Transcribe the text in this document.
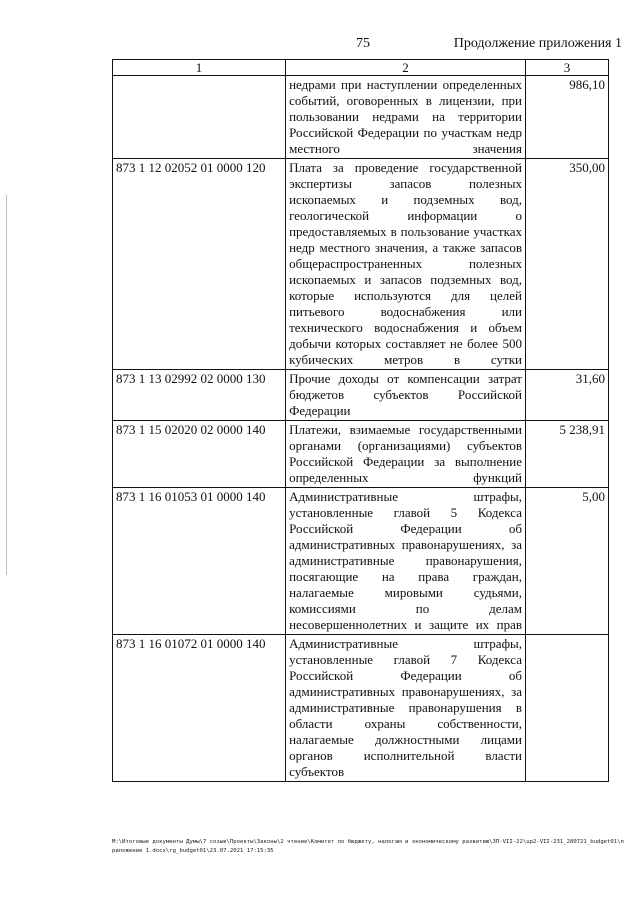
75	Продолжение приложения 1
1	2	3
	недрами при наступлении определенных событий, оговоренных в лицензии, при пользовании недрами на территории Российской Федерации по участкам недр местного значения	986,10
873 1 12 02052 01 0000 120	Плата за проведение государственной экспертизы запасов полезных ископаемых и подземных вод, геологической информации о предоставляемых в пользование участках недр местного значения, а также запасов общераспространенных полезных ископаемых и запасов подземных вод, которые используются для целей питьевого водоснабжения или технического водоснабжения и объем добычи которых составляет не более 500 кубических метров в сутки	350,00
873 1 13 02992 02 0000 130	Прочие доходы от компенсации затрат бюджетов субъектов Российской Федерации	31,60
873 1 15 02020 02 0000 140	Платежи, взимаемые государственными органами (организациями) субъектов Российской Федерации за выполнение определенных функций	5 238,91
873 1 16 01053 01 0000 140	Административные штрафы, установленные главой 5 Кодекса Российской Федерации об административных правонарушениях, за административные правонарушения, посягающие на права граждан, налагаемые мировыми судьями, комиссиями по делам несовершеннолетних и защите их прав	5,00
873 1 16 01072 01 0000 140	Административные штрафы, установленные главой 7 Кодекса Российской Федерации об административных правонарушениях, за административные правонарушения в области охраны собственности, налагаемые должностными лицами органов исполнительной власти субъектов	
M:\Итоговые документы Думы\7 созыв\Проекты\Законы\2 чтение\Комитет по бюджету, налогам и экономическому развитию\ЗП-VII-22\up2-VII-231_280721_budget01\приложение 1.docx\rg_budget01\23.07.2021 17:15:35
